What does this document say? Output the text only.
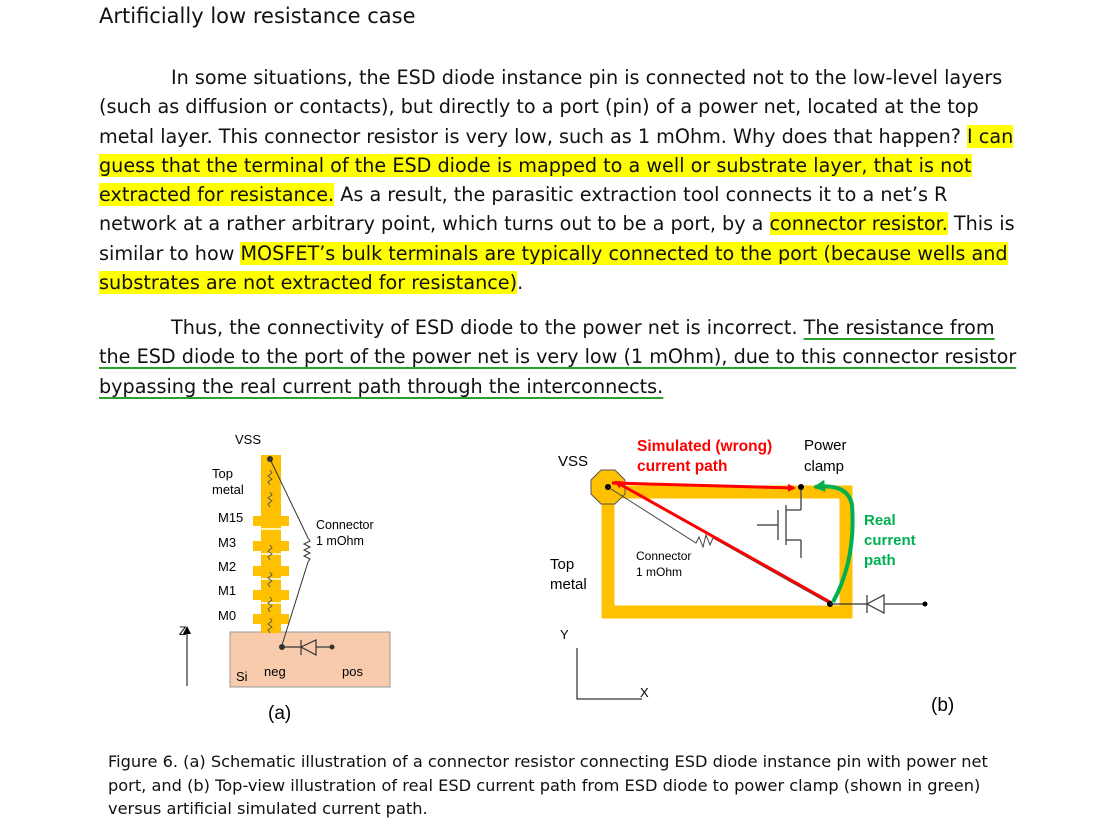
Artificially low resistance case

In some situations, the ESD diode instance pin is connected not to the low-level layers (such as diffusion or contacts), but directly to a port (pin) of a power net, located at the top metal layer. This connector resistor is very low, such as 1 mOhm. Why does that happen? I can guess that the terminal of the ESD diode is mapped to a well or substrate layer, that is not extracted for resistance. As a result, the parasitic extraction tool connects it to a net’s R network at a rather arbitrary point, which turns out to be a port, by a connector resistor. This is similar to how MOSFET’s bulk terminals are typically connected to the port (because wells and substrates are not extracted for resistance).

Thus, the connectivity of ESD diode to the power net is incorrect. The resistance from the ESD diode to the port of the power net is very low (1 mOhm), due to this connector resistor bypassing the real current path through the interconnects.

VSS
Top
metal
M15
M3
M2
M1
M0
Connector
1 mOhm
Si neg	pos
Z
(a)
VSS
Connector
1 mOhm
Simulated (wrong)
current path
Power
clamp
Real
current
path
Top
metal
Y
X
(b)

Figure 6. (a) Schematic illustration of a connector resistor connecting ESD diode instance pin with power net port, and (b) Top-view illustration of real ESD current path from ESD diode to power clamp (shown in green) versus artificial simulated current path.
